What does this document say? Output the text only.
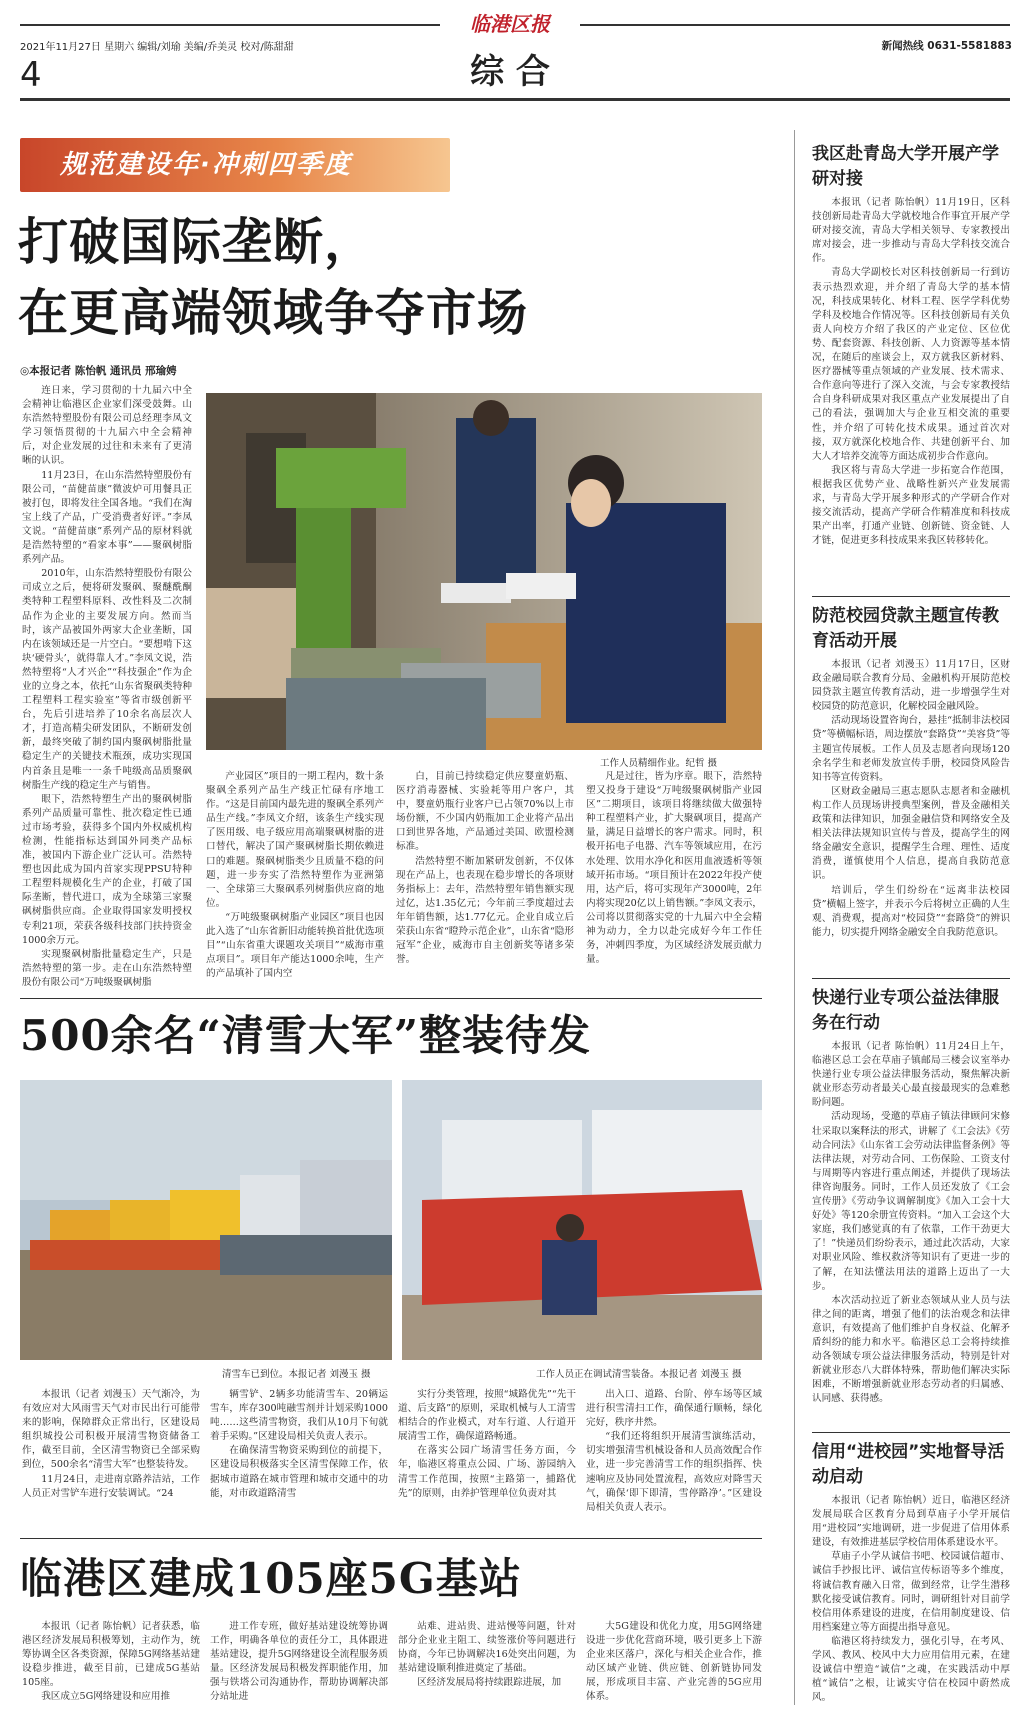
临港区报
2021年11月27日 星期六 编辑/刘瑜 美编/乔美灵 校对/陈甜甜
4	综 合
新闻热线 0631-5581883
规范建设年·冲刺四季度
打破国际垄断，
在更高端领域争夺市场
◎本报记者 陈怡帆 通讯员 邢瑜娉

连日来，学习贯彻的十九届六中全会精神让临港区企业家们深受鼓舞。山东浩然特塑股份有限公司总经理李凤文学习领悟贯彻的十九届六中全会精神后，对企业发展的过往和未来有了更清晰的认识。

11月23日，在山东浩然特塑股份有限公司，“苗健苗康”微波炉可用餐具正被打包，即将发往全国各地。“我们在淘宝上线了产品，广受消费者好评。”李凤文说。“苗健苗康”系列产品的原材料就是浩然特塑的“看家本事”——聚砜树脂系列产品。

2010年，山东浩然特塑股份有限公司成立之后，便将研发聚砜、聚醚酰酮类特种工程塑料原料、改性料及二次制品作为企业的主要发展方向。然而当时，该产品被国外两家大企业垄断，国内在该领域还是一片空白。“要想啃下这块‘硬骨头’，就得靠人才。”李凤文说，浩然特塑将“人才兴企”“科技强企”作为企业的立身之本，依托“山东省聚砜类特种工程塑料工程实验室”等省市级创新平台，先后引进培养了10余名高层次人才，打造高精尖研发团队，不断研发创新，最终突破了制约国内聚砜树脂批量稳定生产的关键技术瓶颈，成功实现国内首条且是唯一一条千吨级高品质聚砜树脂生产线的稳定生产与销售。

眼下，浩然特塑生产出的聚砜树脂系列产品质量可靠性、批次稳定性已通过市场考验，获得多个国内外权威机构检测，性能指标达到国外同类产品标准，被国内下游企业广泛认可。浩然特塑也因此成为国内首家实现PPSU特种工程塑料规模化生产的企业，打破了国际垄断，替代进口，成为全球第三家聚砜树脂供应商。企业取得国家发明授权专利21项，荣获各级科技部门扶持资金1000余万元。

实现聚砜树脂批量稳定生产，只是浩然特塑的第一步。走在山东浩然特塑股份有限公司“万吨级聚砜树脂

工作人员精细作业。纪哲 摄

产业园区”项目的一期工程内，数十条聚砜全系列产品生产线正忙碌有序地工作。“这是目前国内最先进的聚砜全系列产品生产线。”李凤文介绍，该条生产线实现了医用级、电子级应用高端聚砜树脂的进口替代，解决了国产聚砜树脂长期依赖进口的难题。聚砜树脂类少且质量不稳的问题，进一步夯实了浩然特塑作为亚洲第一、全球第三大聚砜系列树脂供应商的地位。

“万吨级聚砜树脂产业园区”项目也因此入选了“山东省新旧动能转换首批优选项目”“山东省重大课题攻关项目”“威海市重点项目”。项目年产能达1000余吨，生产的产品填补了国内空

白，目前已持续稳定供应婴童奶瓶、医疗消毒器械、实验耗等用户客户，其中，婴童奶瓶行业客户已占领70%以上市场份额，不少国内奶瓶加工企业将产品出口到世界各地，产品通过美国、欧盟检测标准。

浩然特塑不断加紧研发创新，不仅体现在产品上，也表现在稳步增长的各项财务指标上：去年，浩然特塑年销售额实现过亿，达1.35亿元；今年前三季度超过去年年销售额，达1.77亿元。企业自成立后荣获山东省“瞪羚示范企业”，山东省“隐形冠军”企业，威海市自主创新奖等诸多荣誉。

凡是过往，皆为序章。眼下，浩然特塑又投身于建设“万吨级聚砜树脂产业园区”二期项目，该项目将继续做大做强特种工程塑料产业，扩大聚砜项目，提高产量，满足日益增长的客户需求。同时，积极开拓电子电器、汽车等领域应用，在污水处理、饮用水净化和医用血液透析等领域开拓市场。“项目预计在2022年投产使用，达产后，将可实现年产3000吨，2年内将实现20亿以上销售额。”李凤文表示，公司将以贯彻落实党的十九届六中全会精神为动力，全力以赴完成好今年工作任务，冲刺四季度，为区域经济发展贡献力量。

500余名“清雪大军”整装待发
清雪车已到位。本报记者 刘漫玉 摄	工作人员正在调试清雪装备。本报记者 刘漫玉 摄

本报讯（记者 刘漫玉）天气渐冷，为有效应对大风雨雪天气对市民出行可能带来的影响，保障群众正常出行，区建设局组织城投公司积极开展清雪物资储备工作，截至目前，全区清雪物资已全部采购到位，500余名“清雪大军”也整装待发。

11月24日，走进南京路养洁站，工作人员正对雪铲车进行安装调试。“24

辆雪铲、2辆多功能清雪车、20辆运雪车，库存300吨融雪剂并计划采购1000吨……这些清雪物资，我们从10月下旬就着手采购。”区建设局相关负责人表示。

在确保清雪物资采购到位的前提下，区建设局积极落实全区清雪保障工作，依据城市道路在城市管理和城市交通中的功能，对市政道路清雪

实行分类管理，按照“城路优先”“先干道、后支路”的原则，采取机械与人工清雪相结合的作业模式，对车行道、人行道开展清雪工作，确保道路畅通。

在落实公园广场清雪任务方面，今年，临港区将重点公园、广场、游园纳入清雪工作范围，按照“主路第一，捕路优先”的原则，由养护管理单位负责对其

出入口、道路、台阶、停车场等区域进行积雪清扫工作，确保通行顺畅，绿化完好，秩序井然。

“我们还将组织开展清雪演练活动，切实增强清雪机械设备和人员高效配合作业，进一步完善清雪工作的组织指挥、快速响应及协同处置流程，高效应对降雪天气，确保‘即下即清，雪停路净’。”区建设局相关负责人表示。

临港区建成105座5G基站

本报讯（记者 陈怡帆）记者获悉，临港区经济发展局积极筹划，主动作为，统筹协调全区各类资源，保障5G网络基站建设稳步推进，截至目前，已建成5G基站105座。

我区成立5G网络建设和应用推

进工作专班，做好基站建设统筹协调工作，明确各单位的责任分工，具体跟进基站建设，提升5G网络建设全流程服务质量。区经济发展局积极发挥职能作用，加强与铁塔公司沟通协作，帮助协调解决部分站址进

站难、进站贵、进站慢等问题，针对部分企业业主阻工、续签涨价等问题进行协商，今年已协调解决16处突出问题，为基站建设顺利推进奠定了基础。

区经济发展局将持续跟踪进展，加

大5G建设和优化力度，用5G网络建设进一步优化营商环境，吸引更多上下游企业来区落户，深化与相关企业合作，推动区域产业链、供应链、创新链协同发展，形成项目丰富、产业完善的5G应用体系。

我区赴青岛大学开展产学研对接

本报讯（记者 陈怡帆）11月19日，区科技创新局赴青岛大学就校地合作事宜开展产学研对接交流，青岛大学相关领导、专家教授出席对接会，进一步推动与青岛大学科技交流合作。

青岛大学副校长对区科技创新局一行到访表示热烈欢迎，并介绍了青岛大学的基本情况，科技成果转化、材料工程、医学学科优势学科及校地合作情况等。区科技创新局有关负责人向校方介绍了我区的产业定位、区位优势、配套资源、科技创新、人力资源等基本情况，在随后的座谈会上，双方就我区新材料、医疗器械等重点领域的产业发展、技术需求、合作意向等进行了深入交流，与会专家教授结合自身科研成果对我区重点产业发展提出了自己的看法，强调加大与企业互相交流的重要性，并介绍了可转化技术成果。通过首次对接，双方就深化校地合作、共建创新平台、加大人才培养交流等方面达成初步合作意向。

我区将与青岛大学进一步拓宽合作范围，根据我区优势产业、战略性新兴产业发展需求，与青岛大学开展多种形式的产学研合作对接交流活动，提高产学研合作精准度和科技成果产出率，打通产业链、创新链、资金链、人才链，促进更多科技成果来我区转移转化。

防范校园贷款主题宣传教育活动开展

本报讯（记者 刘漫玉）11月17日，区财政金融局联合教育分局、金融机构开展防范校园贷款主题宣传教育活动，进一步增强学生对校园贷的防范意识，化解校园金融风险。

活动现场设置咨询台，悬挂“抵制非法校园贷”等横幅标语，周边摆放“套路贷”“美容贷”等主题宣传展板。工作人员及志愿者向现场120余名学生和老师发放宣传手册，校园贷风险告知书等宣传资料。

区财政金融局三惠志愿队志愿者和金融机构工作人员现场讲授典型案例，普及金融相关政策和法律知识，加强金融信贷和网络安全及相关法律法规知识宣传与普及，提高学生的网络金融安全意识，提醒学生合理、理性、适度消费，谨慎使用个人信息，提高自我防范意识。

培训后，学生们纷纷在“远离非法校园贷”横幅上签字，并表示今后将树立正确的人生观、消费观，提高对“校园贷”“套路贷”的辨识能力，切实提升网络金融安全自我防范意识。

快递行业专项公益法律服务在行动

本报讯（记者 陈怡帆）11月24日上午，临港区总工会在草庙子镇邮局三楼会议室举办快递行业专项公益法律服务活动，聚焦解决新就业形态劳动者最关心最直接最现实的急难愁盼问题。

活动现场，受邀的草庙子镇法律顾问宋修壮采取以案释法的形式，讲解了《工会法》《劳动合同法》《山东省工会劳动法律监督条例》等法律法规，对劳动合同、工伤保险、工资支付与周期等内容进行重点阐述，并提供了现场法律咨询服务。同时，工作人员还发放了《工会宣传册》《劳动争议调解制度》《加入工会十大好处》等120余册宣传资料。“加入工会这个大家庭，我们感觉真的有了依靠，工作干劲更大了！”快递员们纷纷表示，通过此次活动，大家对职业风险、维权救济等知识有了更进一步的了解，在知法懂法用法的道路上迈出了一大步。

本次活动拉近了新业态领域从业人员与法律之间的距离，增强了他们的法治观念和法律意识，有效提高了他们维护自身权益、化解矛盾纠纷的能力和水平。临港区总工会将持续推动各领域专项公益法律服务活动，特别是针对新就业形态八大群体特殊，帮助他们解决实际困难，不断增强新就业形态劳动者的归属感、认同感、获得感。

信用“进校园”实地督导活动启动

本报讯（记者 陈怡帆）近日，临港区经济发展局联合区教育分局到草庙子小学开展信用“进校园”实地调研，进一步促进了信用体系建设，有效推进基层学校信用体系建设水平。

草庙子小学从诚信书吧、校园诚信超市、诚信手抄报比评、诚信宣传标语等多个维度，将诚信教育融入日常，做到经常，让学生潜移默化接受诚信教育。同时，调研组针对目前学校信用体系建设的进度，在信用制度建设、信用档案建立等方面提出指导意见。

临港区将持续发力，强化引导，在考风、学风、教风、校风中大力应用信用元素，在建设诚信中塑造“诚信”之魂，在实践活动中厚植“诚信”之根，让诚实守信在校园中蔚然成风。
